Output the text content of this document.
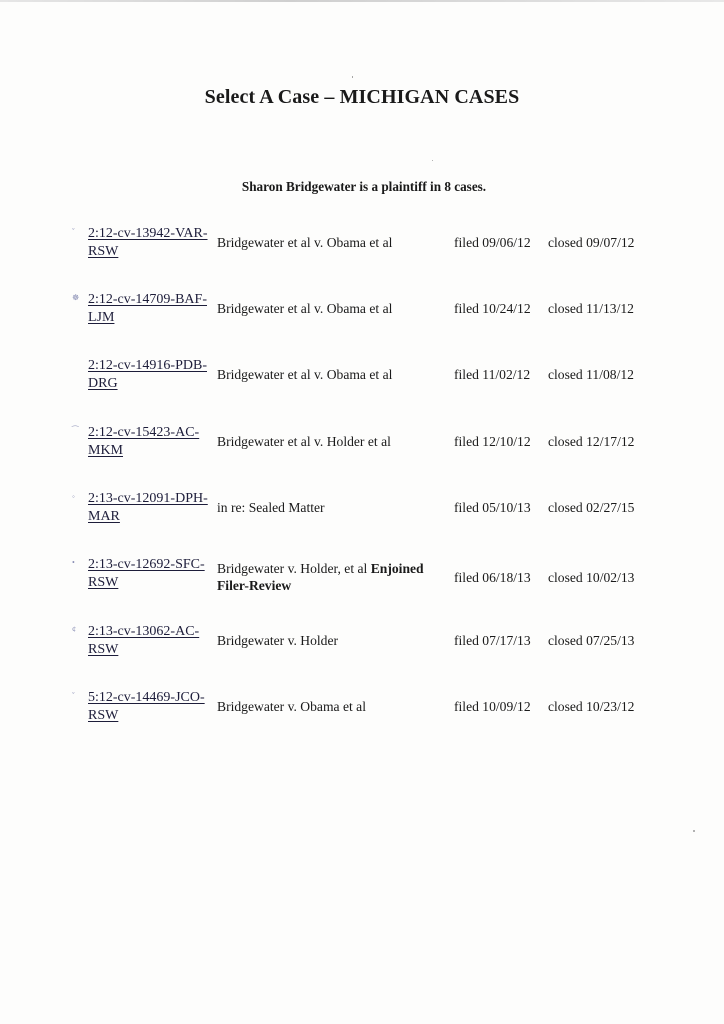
Select A Case – MICHIGAN CASES
Sharon Bridgewater is a plaintiff in 8 cases.
ˇ 2:12-cv-13942-VAR-RSW
Bridgewater et al v. Obama et al	filed 09/06/12 closed 09/07/12
☸ 2:12-cv-14709-BAF-LJM
Bridgewater et al v. Obama et al	filed 10/24/12 closed 11/13/12
2:12-cv-14916-PDB-DRG
Bridgewater et al v. Obama et al	filed 11/02/12 closed 11/08/12
⁀ 2:12-cv-15423-AC-MKM
Bridgewater et al v. Holder et al	filed 12/10/12 closed 12/17/12
◦ 2:13-cv-12091-DPH-MAR
in re: Sealed Matter	filed 05/10/13 closed 02/27/15
• 2:13-cv-12692-SFC-RSW
Bridgewater v. Holder, et al Enjoined Filer-Review
filed 06/18/13 closed 10/02/13
¢ 2:13-cv-13062-AC-RSW
Bridgewater v. Holder	filed 07/17/13 closed 07/25/13
ˇ 5:12-cv-14469-JCO-RSW
Bridgewater v. Obama et al	filed 10/09/12 closed 10/23/12
